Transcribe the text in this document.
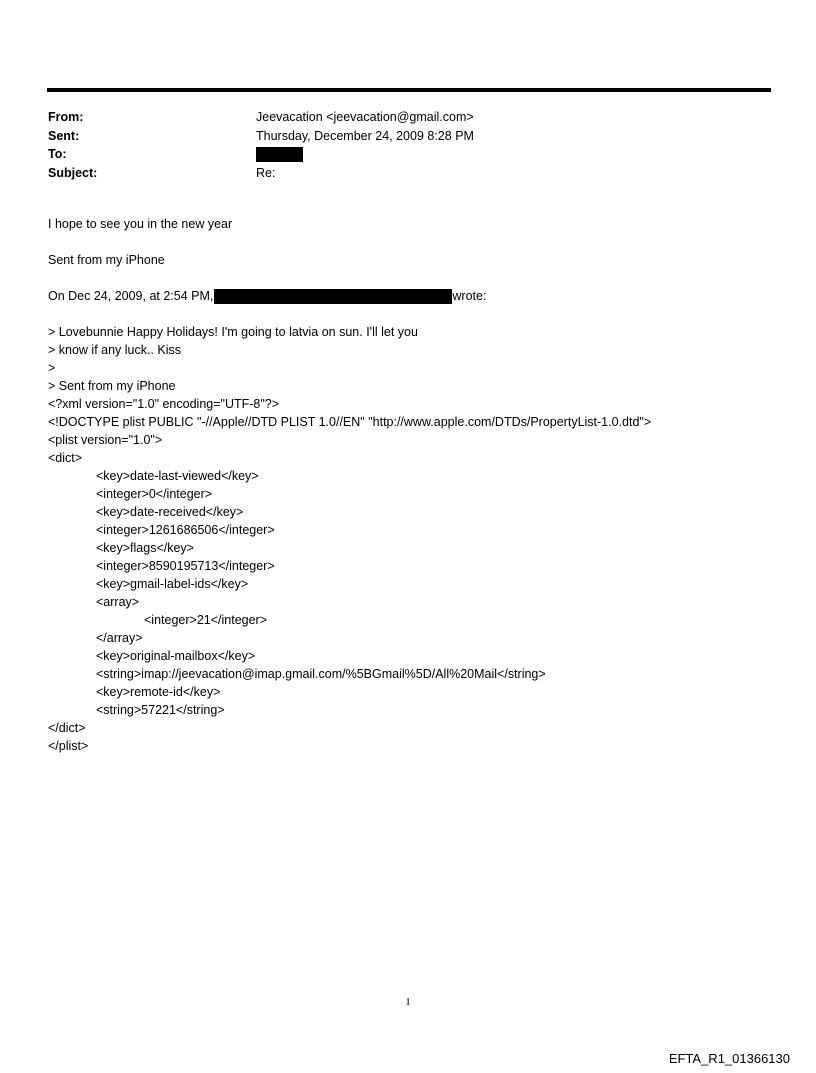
From:	Jeevacation <jeevacation@gmail.com>
Sent:	Thursday, December 24, 2009 8:28 PM
To:
Subject:	Re:
I hope to see you in the new year
Sent from my iPhone
On Dec 24, 2009, at 2:54 PM,	wrote:
> Lovebunnie Happy Holidays! I'm going to latvia on sun. I'll let you
> know if any luck.. Kiss
>
> Sent from my iPhone
<?xml version="1.0" encoding="UTF-8"?>
<!DOCTYPE plist PUBLIC "-//Apple//DTD PLIST 1.0//EN" "http://www.apple.com/DTDs/PropertyList-1.0.dtd">
<plist version="1.0">
<dict>
<key>date-last-viewed</key>
<integer>0</integer>
<key>date-received</key>
<integer>1261686506</integer>
<key>flags</key>
<integer>8590195713</integer>
<key>gmail-label-ids</key>
<array>
<integer>21</integer>
</array>
<key>original-mailbox</key>
<string>imap://jeevacation@imap.gmail.com/%5BGmail%5D/All%20Mail</string>
<key>remote-id</key>
<string>57221</string>
</dict>
</plist>
1
EFTA_R1_01366130
